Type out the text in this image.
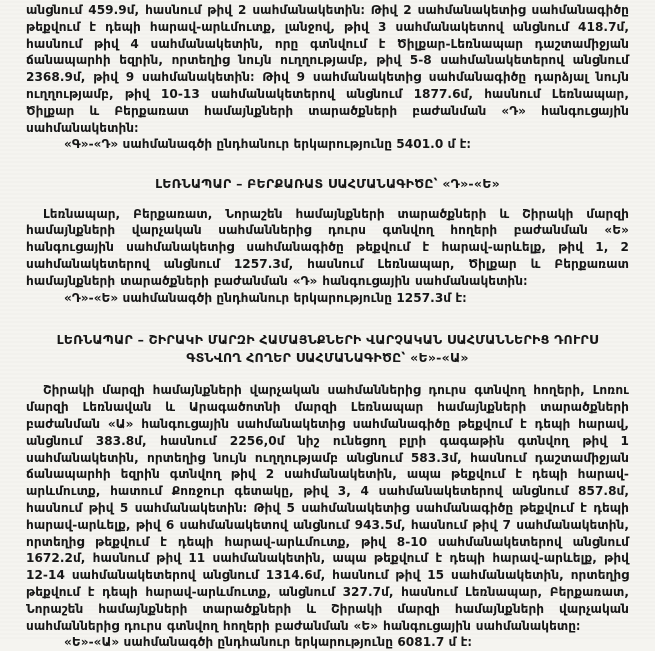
անցնում 459.9մ, հասնում թիվ 2 սահմանակետին։ Թիվ 2 սահմանակետից սահմանագիծը թեքվում է դեպի հարավ-արևմուտք, լանջով, թիվ 3 սահմանակետով անցնում 418.7մ, հասնում թիվ 4 սահմանակետին, որը գտնվում է Ծիլքար-Լեռնապար դաշտամիջյան ճանապարհի եզրին, որտեղից նույն ուղղությամբ, թիվ 5-8 սահմանակետերով անցնում 2368.9մ, թիվ 9 սահմանակետին։ Թիվ 9 սահմանակետից սահմանագիծը դարձյալ նույն ուղղությամբ, թիվ 10-13 սահմանակետերով անցնում 1877.6մ, հասնում Լեռնապար, Ծիլքար և Բերքառատ համայնքների տարածքների բաժանման «Դ» հանգուցային սահմանակետին։

«Գ»-«Դ» սահմանագծի ընդհանուր երկարությունը 5401.0 մ է։

ԼԵՌՆԱՊԱՐ – ԲԵՐՔԱՌԱՏ ՍԱՀՄԱՆԱԳԻԾԸ՝ «Դ»-«Ե»

Լեռնապար, Բերքառատ, Նորաշեն համայնքների տարածքների և Շիրակի մարզի համայնքների վարչական սահմաններից դուրս գտնվող հողերի բաժանման «Ե» հանգուցային սահմանակետից սահմանագիծը թեքվում է հարավ-արևելք, թիվ 1, 2 սահմանակետերով անցնում 1257.3մ, հասնում Լեռնապար, Ծիլքար և Բերքառատ համայնքների տարածքների բաժանման «Դ» հանգուցային սահմանակետին։

«Դ»-«Ե» սահմանագծի ընդհանուր երկարությունը 1257.3մ է։

ԼԵՌՆԱՊԱՐ – ՇԻՐԱԿԻ ՄԱՐԶԻ ՀԱՄԱՅՆՔՆԵՐԻ ՎԱՐՉԱԿԱՆ ՍԱՀՄԱՆՆԵՐԻՑ ԴՈՒՐՍ ԳՏՆՎՈՂ ՀՈՂԵՐ ՍԱՀՄԱՆԱԳԻԾԸ՝ «Ե»-«Ա»

Շիրակի մարզի համայնքների վարչական սահմաններից դուրս գտնվող հողերի, Լոռու մարզի Լեռնավան և Արագածոտնի մարզի Լեռնապար համայնքների տարածքների բաժանման «Ա» հանգուցային սահմանակետից սահմանագիծը թեքվում է դեպի հարավ, անցնում 383.8մ, հասնում 2256,0մ նիշ ունեցող բլրի գագաթին գտնվող թիվ 1 սահմանակետին, որտեղից նույն ուղղությամբ անցնում 583.3մ, հասնում դաշտամիջյան ճանապարհի եզրին գտնվող թիվ 2 սահմանակետին, ապա թեքվում է դեպի հարավ-արևմուտք, հատում Քոռջուր գետակը, թիվ 3, 4 սահմանակետերով անցնում 857.8մ, հասնում թիվ 5 սահմանակետին։ Թիվ 5 սահմանակետից սահմանագիծը թեքվում է դեպի հարավ-արևելք, թիվ 6 սահմանակետով անցնում 943.5մ, հասնում թիվ 7 սահմանակետին, որտեղից թեքվում է դեպի հարավ-արևմուտք, թիվ 8-10 սահմանակետերով անցնում 1672.2մ, հասնում թիվ 11 սահմանակետին, ապա թեքվում է դեպի հարավ-արևելք, թիվ 12-14 սահմանակետերով անցնում 1314.6մ, հասնում թիվ 15 սահմանակետին, որտեղից թեքվում է դեպի հարավ-արևմուտք, անցնում 327.7մ, հասնում Լեռնապար, Բերքառատ, Նորաշեն համայնքների տարածքների և Շիրակի մարզի համայնքների վարչական սահմաններից դուրս գտնվող հողերի բաժանման «Ե» հանգուցային սահմանակետը։

«Ե»-«Ա» սահմանագծի ընդհանուր երկարությունը 6081.7 մ է։
